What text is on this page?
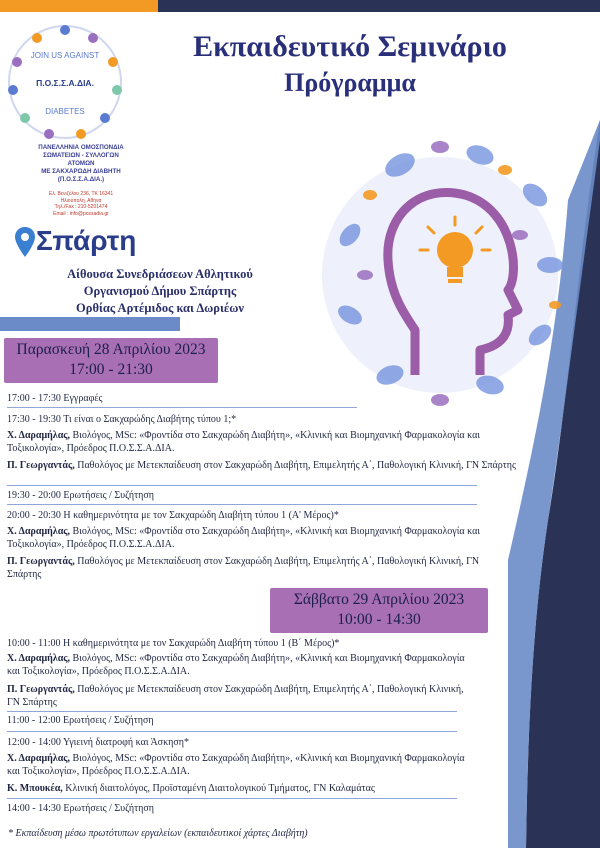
JOIN US AGAINST
Π.Ο.Σ.Σ.Α.ΔΙΑ.
DIABETES
ΠΑΝΕΛΛΗΝΙΑ ΟΜΟΣΠΟΝΔΙΑ
ΣΩΜΑΤΕΙΩΝ - ΣΥΛΛΟΓΩΝ
ΑΤΟΜΩΝ
ΜΕ ΣΑΚΧΑΡΩΔΗ ΔΙΑΒΗΤΗ
(Π.Ο.Σ.Σ.Α.ΔΙΑ.)
Ελ. Βενιζέλου 236, ΤΚ 16341
Ηλιούπολη, Αθήνα
Τηλ./Fax : 210-5201474
Email : info@possadia.gr
Εκπαιδευτικό Σεμινάριο
Πρόγραμμα
Σπάρτη
Αίθουσα Συνεδριάσεων Αθλητικού
Οργανισμού Δήμου Σπάρτης
Ορθίας Αρτέμιδος και Δωριέων
Παρασκευή 28 Απριλίου 2023
17:00 - 21:30
17:00 - 17:30 Εγγραφές
17:30 - 19:30 Τι είναι ο Σακχαρώδης Διαβήτης τύπου 1;*
Χ. Δαραμήλας, Βιολόγος, MSc: «Φροντίδα στο Σακχαρώδη Διαβήτη», «Κλινική και Βιομηχανική Φαρμακολογία και Τοξικολογία», Πρόεδρος Π.Ο.Σ.Σ.Α.ΔΙΑ.
Π. Γεωργαντάς, Παθολόγος με Μετεκπαίδευση στον Σακχαρώδη Διαβήτη, Επιμελητής Α΄, Παθολογική Κλινική, ΓΝ Σπάρτης
19:30 - 20:00 Ερωτήσεις / Συζήτηση
20:00 - 20:30 Η καθημερινότητα με τον Σακχαρώδη Διαβήτη τύπου 1 (Α' Μέρος)*
Χ. Δαραμήλας, Βιολόγος, MSc: «Φροντίδα στο Σακχαρώδη Διαβήτη», «Κλινική και Βιομηχανική Φαρμακολογία και Τοξικολογία», Πρόεδρος Π.Ο.Σ.Σ.Α.ΔΙΑ.
Π. Γεωργαντάς, Παθολόγος με Μετεκπαίδευση στον Σακχαρώδη Διαβήτη, Επιμελητής Α΄, Παθολογική Κλινική, ΓΝ Σπάρτης
Σάββατο 29 Απριλίου 2023
10:00 - 14:30
10:00 - 11:00 Η καθημερινότητα με τον Σακχαρώδη Διαβήτη τύπου 1 (Β΄ Μέρος)*
Χ. Δαραμήλας, Βιολόγος, MSc: «Φροντίδα στο Σακχαρώδη Διαβήτη», «Κλινική και Βιομηχανική Φαρμακολογία και Τοξικολογία», Πρόεδρος Π.Ο.Σ.Σ.Α.ΔΙΑ.
Π. Γεωργαντάς, Παθολόγος με Μετεκπαίδευση στον Σακχαρώδη Διαβήτη, Επιμελητής Α΄, Παθολογική Κλινική, ΓΝ Σπάρτης
11:00 - 12:00 Ερωτήσεις / Συζήτηση
12:00 - 14:00 Υγιεινή διατροφή και Άσκηση*
Χ. Δαραμήλας, Βιολόγος, MSc: «Φροντίδα στο Σακχαρώδη Διαβήτη», «Κλινική και Βιομηχανική Φαρμακολογία και Τοξικολογία», Πρόεδρος Π.Ο.Σ.Σ.Α.ΔΙΑ.
Κ. Μπουκέα, Κλινική διαιτολόγος, Προϊσταμένη Διαιτολογικού Τμήματος, ΓΝ Καλαμάτας
14:00 - 14:30 Ερωτήσεις / Συζήτηση
* Εκπαίδευση μέσω πρωτότυπων εργαλείων (εκπαιδευτικοί χάρτες Διαβήτη)
